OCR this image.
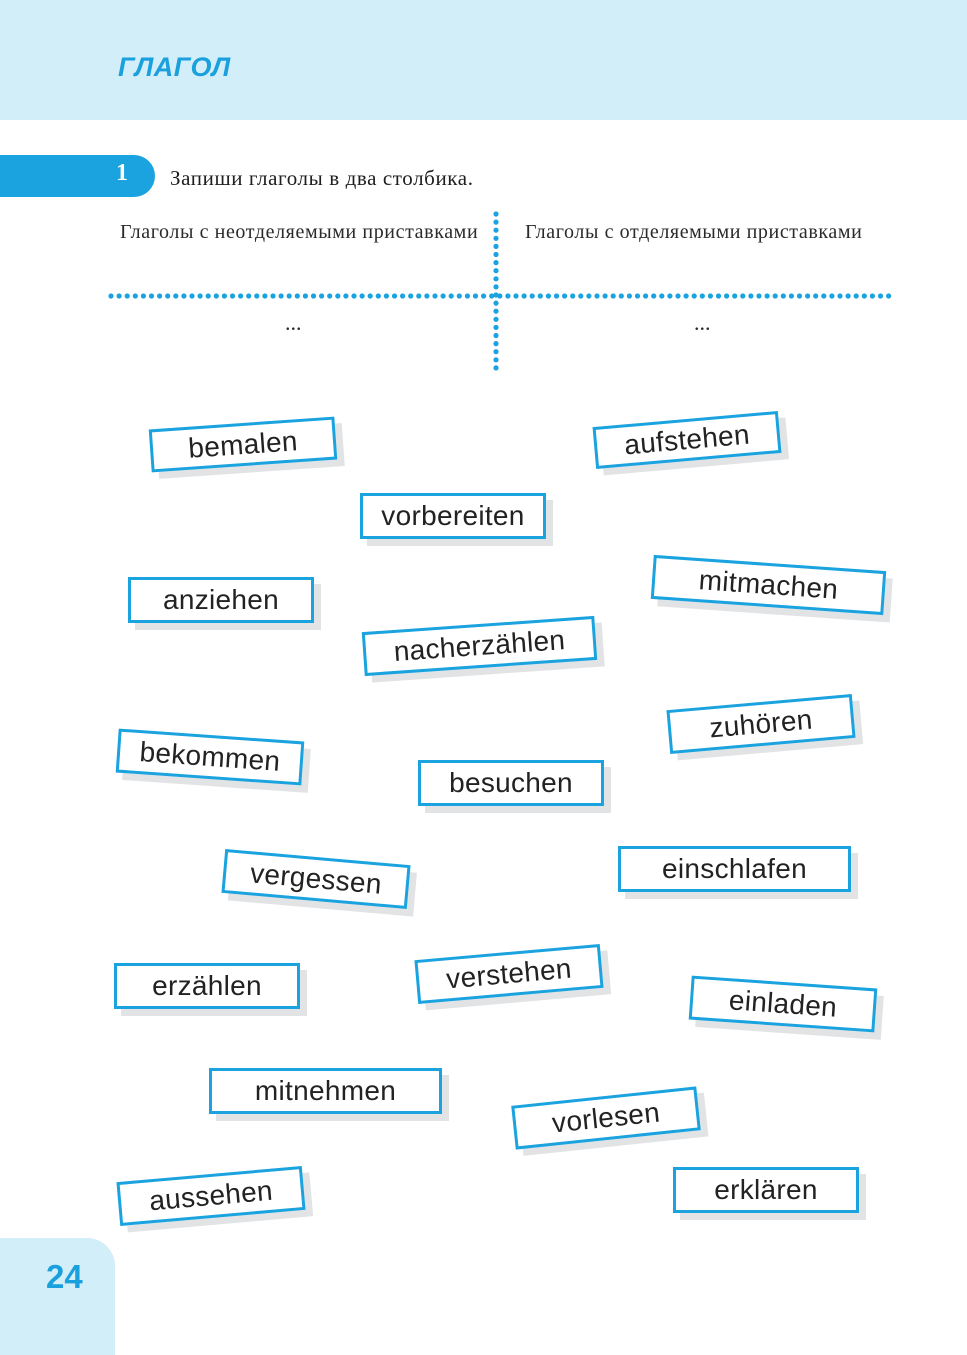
ГЛАГОЛ
1 Запиши глаголы в два столбика.
Глаголы с неотделяемыми приставками	Глаголы с отделяемыми приставками
...	...
bemalen	aufstehen
vorbereiten
anziehen	mitmachen
nacherzählen
bekommen
zuhören
besuchen
vergessen	einschlafen
erzählen	verstehen
einladen
mitnehmen
vorlesen
aussehen	erklären
24
